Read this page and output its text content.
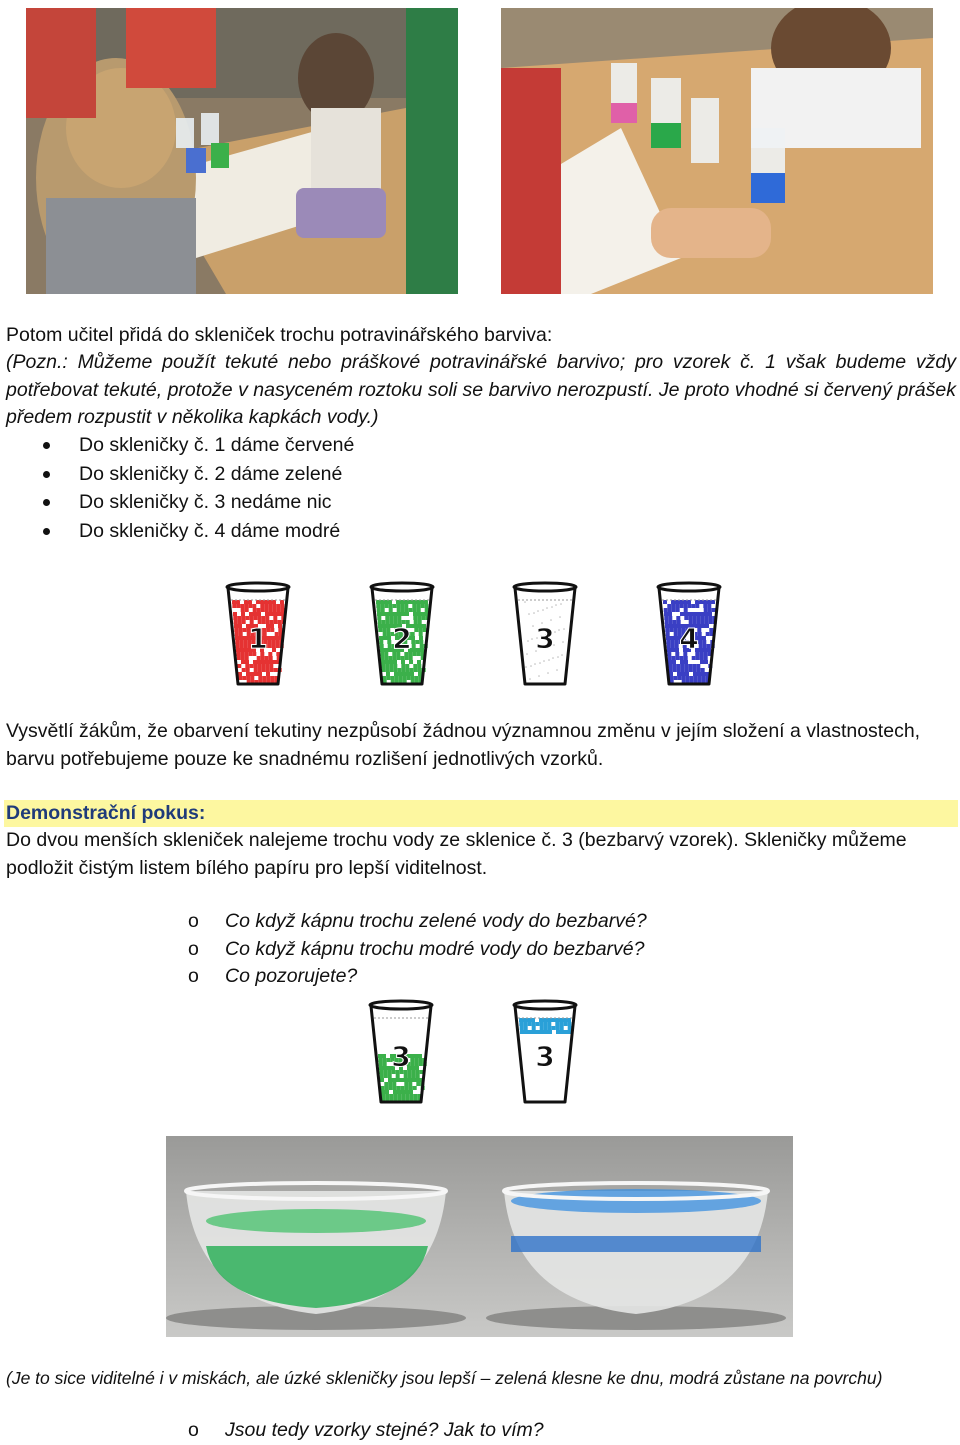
Potom učitel přidá do skleniček trochu potravinářského barviva:
(Pozn.: Můžeme použít tekuté nebo práškové potravinářské barvivo; pro vzorek č. 1 však budeme vždy potřebovat tekuté, protože v nasyceném roztoku soli se barvivo nerozpustí. Je proto vhodné si červený prášek předem rozpustit v několika kapkách vody.)
Do skleničky č. 1 dáme červené
Do skleničky č. 2 dáme zelené
Do skleničky č. 3 nedáme nic
Do skleničky č. 4 dáme modré
1	2	3	4
Vysvětlí žákům, že obarvení tekutiny nezpůsobí žádnou významnou změnu v jejím složení a vlastnostech, barvu potřebujeme pouze ke snadnému rozlišení jednotlivých vzorků.
Demonstrační pokus:
Do dvou menších skleniček nalejeme trochu vody ze sklenice č. 3 (bezbarvý vzorek). Skleničky můžeme podložit čistým listem bílého papíru pro lepší viditelnost.
o Co když kápnu trochu zelené vody do bezbarvé?
o Co když kápnu trochu modré vody do bezbarvé?
o Co pozorujete?
3	3
(Je to sice viditelné i v miskách, ale úzké skleničky jsou lepší – zelená klesne ke dnu, modrá zůstane na povrchu)
o Jsou tedy vzorky stejné? Jak to vím?
